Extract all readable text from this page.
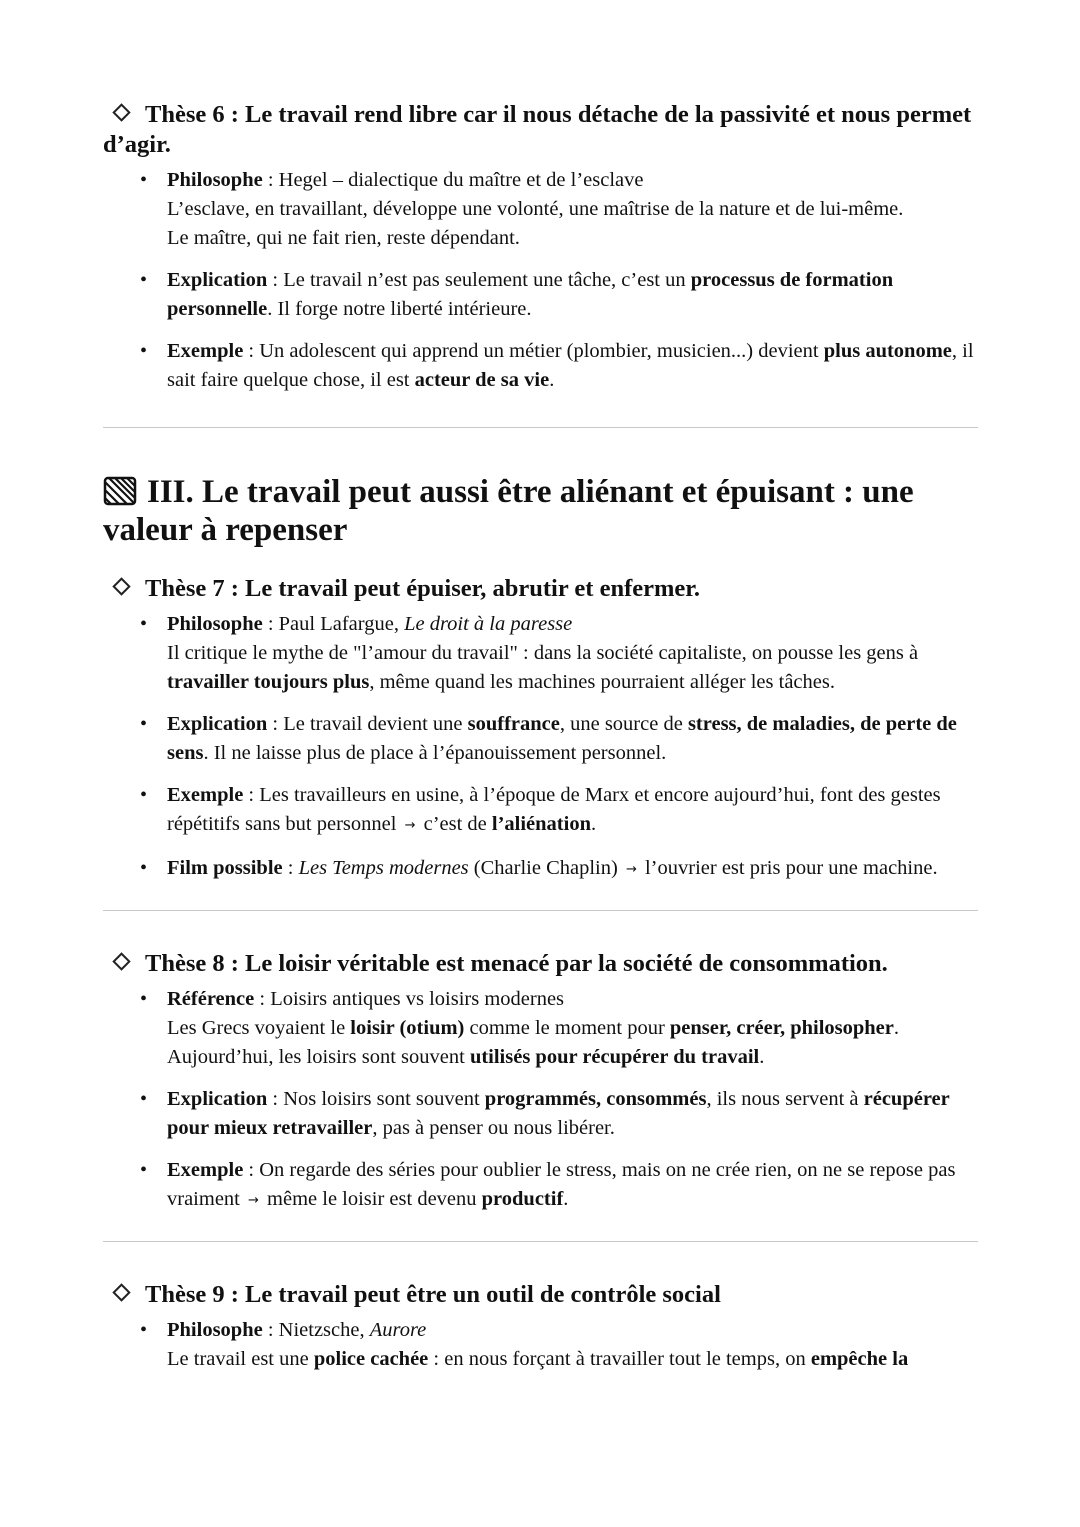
Thèse 6 : Le travail rend libre car il nous détache de la passivité et nous permet d’agir.
• Philosophe : Hegel – dialectique du maître et de l’esclave
L’esclave, en travaillant, développe une volonté, une maîtrise de la nature et de lui-même.
Le maître, qui ne fait rien, reste dépendant.
• Explication : Le travail n’est pas seulement une tâche, c’est un processus de formation personnelle. Il forge notre liberté intérieure.
• Exemple : Un adolescent qui apprend un métier (plombier, musicien...) devient plus autonome, il sait faire quelque chose, il est acteur de sa vie.
III. Le travail peut aussi être aliénant et épuisant : une valeur à repenser
Thèse 7 : Le travail peut épuiser, abrutir et enfermer.
• Philosophe : Paul Lafargue, Le droit à la paresse
Il critique le mythe de "l’amour du travail" : dans la société capitaliste, on pousse les gens à travailler toujours plus, même quand les machines pourraient alléger les tâches.
• Explication : Le travail devient une souffrance, une source de stress, de maladies, de perte de sens. Il ne laisse plus de place à l’épanouissement personnel.
• Exemple : Les travailleurs en usine, à l’époque de Marx et encore aujourd’hui, font des gestes répétitifs sans but personnel → c’est de l’aliénation.
• Film possible : Les Temps modernes (Charlie Chaplin) → l’ouvrier est pris pour une machine.
Thèse 8 : Le loisir véritable est menacé par la société de consommation.
• Référence : Loisirs antiques vs loisirs modernes
Les Grecs voyaient le loisir (otium) comme le moment pour penser, créer, philosopher.
Aujourd’hui, les loisirs sont souvent utilisés pour récupérer du travail.
• Explication : Nos loisirs sont souvent programmés, consommés, ils nous servent à récupérer pour mieux retravailler, pas à penser ou nous libérer.
• Exemple : On regarde des séries pour oublier le stress, mais on ne crée rien, on ne se repose pas vraiment → même le loisir est devenu productif.
Thèse 9 : Le travail peut être un outil de contrôle social
• Philosophe : Nietzsche, Aurore
Le travail est une police cachée : en nous forçant à travailler tout le temps, on empêche la
